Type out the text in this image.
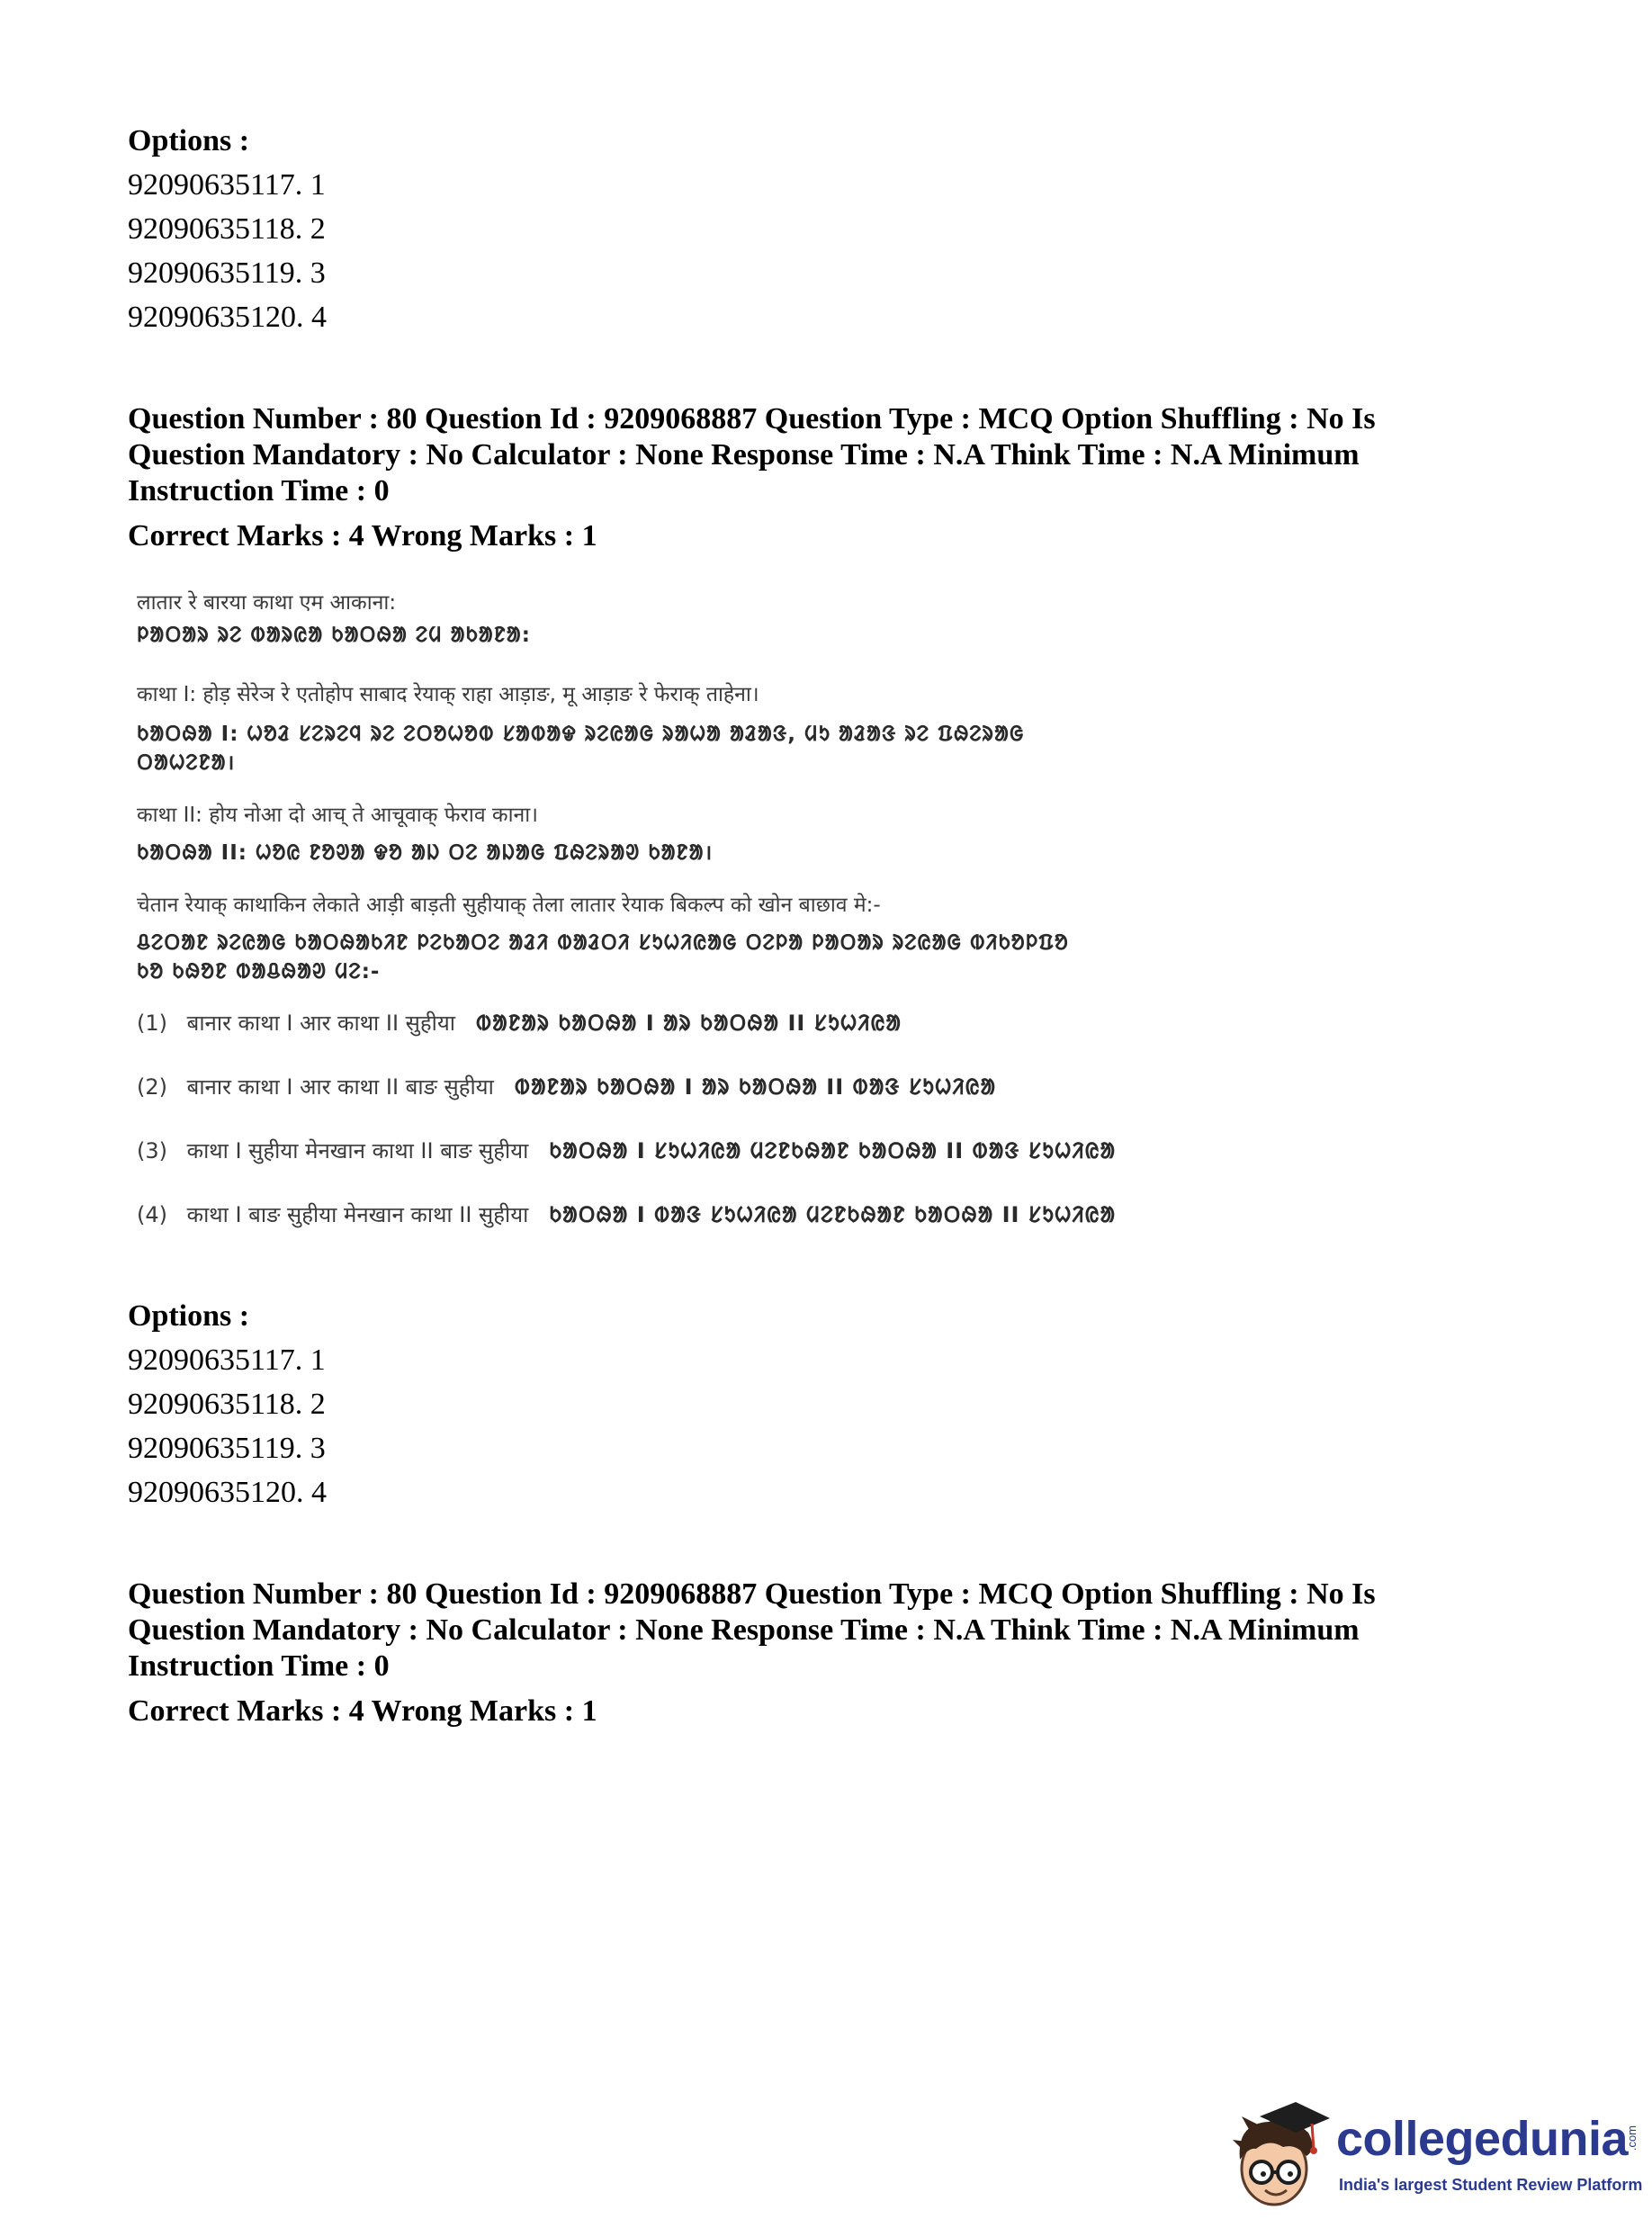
Options :
92090635117. 1
92090635118. 2
92090635119. 3
92090635120. 4
Question Number : 80 Question Id : 9209068887 Question Type : MCQ Option Shuffling : No Is
Question Mandatory : No Calculator : None Response Time : N.A Think Time : N.A Minimum
Instruction Time : 0
Correct Marks : 4 Wrong Marks : 1
लातार रे बारया काथा एम आकाना:
ᱞᱟᱛᱟᱨ ᱨᱮ ᱵᱟᱨᱭᱟ ᱠᱟᱛᱷᱟ ᱮᱢ ᱟᱠᱟᱱᱟ:
काथा I: होड़ सेरेञ रे एतोहोप साबाद रेयाक् राहा आड़ाङ, मू आड़ाङ रे फेराक् ताहेना।
ᱠᱟᱛᱷᱟ I: ᱦᱚᱲ ᱥᱮᱨᱮᱧ ᱨᱮ ᱮᱛᱚᱦᱚᱵ ᱥᱟᱵᱟᱫ ᱨᱮᱭᱟᱜ ᱨᱟᱦᱟ ᱟᱲᱟᱝ, ᱢᱩ ᱟᱲᱟᱝ ᱨᱮ ᱯᱷᱮᱨᱟᱜ
ᱛᱟᱦᱮᱱᱟ।
काथा II: होय नोआ दो आच् ते आचूवाक् फेराव काना।
ᱠᱟᱛᱷᱟ II: ᱦᱚᱭ ᱱᱚᱣᱟ ᱫᱚ ᱟᱡ ᱛᱮ ᱟᱡᱟᱜ ᱯᱷᱮᱨᱟᱣ ᱠᱟᱱᱟ।
चेतान रेयाक् काथाकिन लेकाते आड़ी बाड़ती सुहीयाक् तेला लातार रेयाक बिकल्प को खोन बाछाव मे:-
ᱪᱮᱛᱟᱱ ᱨᱮᱭᱟᱜ ᱠᱟᱛᱷᱟᱠᱤᱱ ᱞᱮᱠᱟᱛᱮ ᱟᱲᱤ ᱵᱟᱲᱛᱤ ᱥᱩᱦᱤᱭᱟᱜ ᱛᱮᱞᱟ ᱞᱟᱛᱟᱨ ᱨᱮᱭᱟᱜ ᱵᱤᱠᱚᱞᱯᱚ
ᱠᱚ ᱠᱷᱚᱱ ᱵᱟᱪᱷᱟᱣ ᱢᱮ:-
(1) बानार काथा I आर काथा II सुहीया ᱵᱟᱱᱟᱨ ᱠᱟᱛᱷᱟ I ᱟᱨ ᱠᱟᱛᱷᱟ II ᱥᱩᱦᱤᱭᱟ
(2) बानार काथा I आर काथा II बाङ सुहीया ᱵᱟᱱᱟᱨ ᱠᱟᱛᱷᱟ I ᱟᱨ ᱠᱟᱛᱷᱟ II ᱵᱟᱝ ᱥᱩᱦᱤᱭᱟ
(3) काथा I सुहीया मेनखान काथा II बाङ सुहीया ᱠᱟᱛᱷᱟ I ᱥᱩᱦᱤᱭᱟ ᱢᱮᱱᱠᱷᱟᱱ ᱠᱟᱛᱷᱟ II ᱵᱟᱝ ᱥᱩᱦᱤᱭᱟ
(4) काथा I बाङ सुहीया मेनखान काथा II सुहीया ᱠᱟᱛᱷᱟ I ᱵᱟᱝ ᱥᱩᱦᱤᱭᱟ ᱢᱮᱱᱠᱷᱟᱱ ᱠᱟᱛᱷᱟ II ᱥᱩᱦᱤᱭᱟ
Options :
92090635117. 1
92090635118. 2
92090635119. 3
92090635120. 4
Question Number : 80 Question Id : 9209068887 Question Type : MCQ Option Shuffling : No Is
Question Mandatory : No Calculator : None Response Time : N.A Think Time : N.A Minimum
Instruction Time : 0
Correct Marks : 4 Wrong Marks : 1
collegedunia
.com
India's largest Student Review Platform
